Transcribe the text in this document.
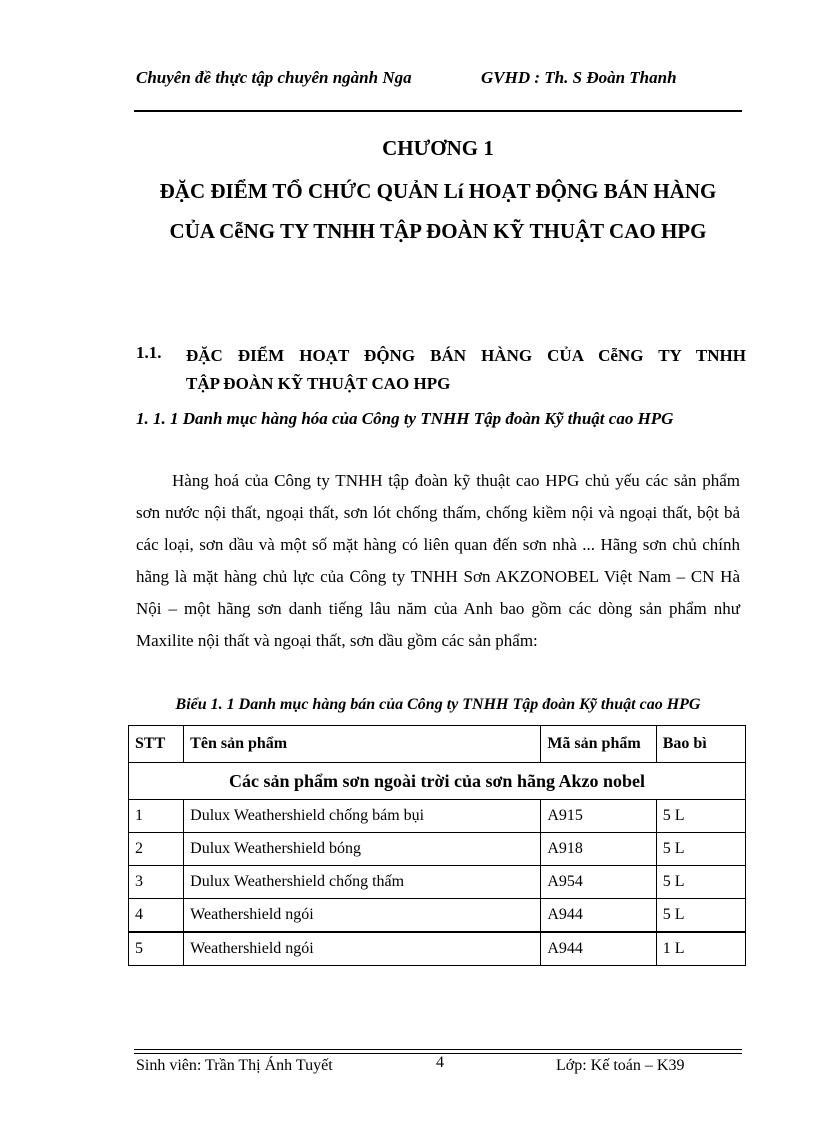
Chuyên đề thực tập chuyên ngành Nga	GVHD : Th. S Đoàn Thanh
CHƯƠNG 1
ĐẶC ĐIỂM TỔ CHỨC QUẢN Lí HOẠT ĐỘNG BÁN HÀNG CỦA CễNG TY TNHH TẬP ĐOÀN KỸ THUẬT CAO HPG
1.1. ĐẶC ĐIỂM HOẠT ĐỘNG BÁN HÀNG CỦA CễNG TY TNHH
TẬP ĐOÀN KỸ THUẬT CAO HPG
1. 1. 1 Danh mục hàng hóa của Công ty TNHH Tập đoàn Kỹ thuật cao HPG
Hàng hoá của Công ty TNHH tập đoàn kỹ thuật cao HPG chủ yếu các sản phẩm sơn nước nội thất, ngoại thất, sơn lót chống thấm, chống kiềm nội và ngoại thất, bột bả các loại, sơn dầu và một số mặt hàng có liên quan đến sơn nhà ... Hãng sơn chủ chính hãng là mặt hàng chủ lực của Công ty TNHH Sơn AKZONOBEL Việt Nam – CN Hà Nội – một hãng sơn danh tiếng lâu năm của Anh bao gồm các dòng sản phẩm như Maxilite nội thất và ngoại thất, sơn dầu gồm các sản phẩm:
Biểu 1. 1 Danh mục hàng bán của Công ty TNHH Tập đoàn Kỹ thuật cao HPG
STT	Tên sản phẩm	Mã sản phẩm	Bao bì
Các sản phẩm sơn ngoài trời của sơn hãng Akzo nobel			
1	Dulux Weathershield chống bám bụi	A915	5 L
2	Dulux Weathershield bóng	A918	5 L
3	Dulux Weathershield chống thấm	A954	5 L
4	Weathershield ngói	A944	5 L
5	Weathershield ngói	A944	1 L
Sinh viên: Trần Thị Ánh Tuyết	4	Lớp: Kế toán – K39
